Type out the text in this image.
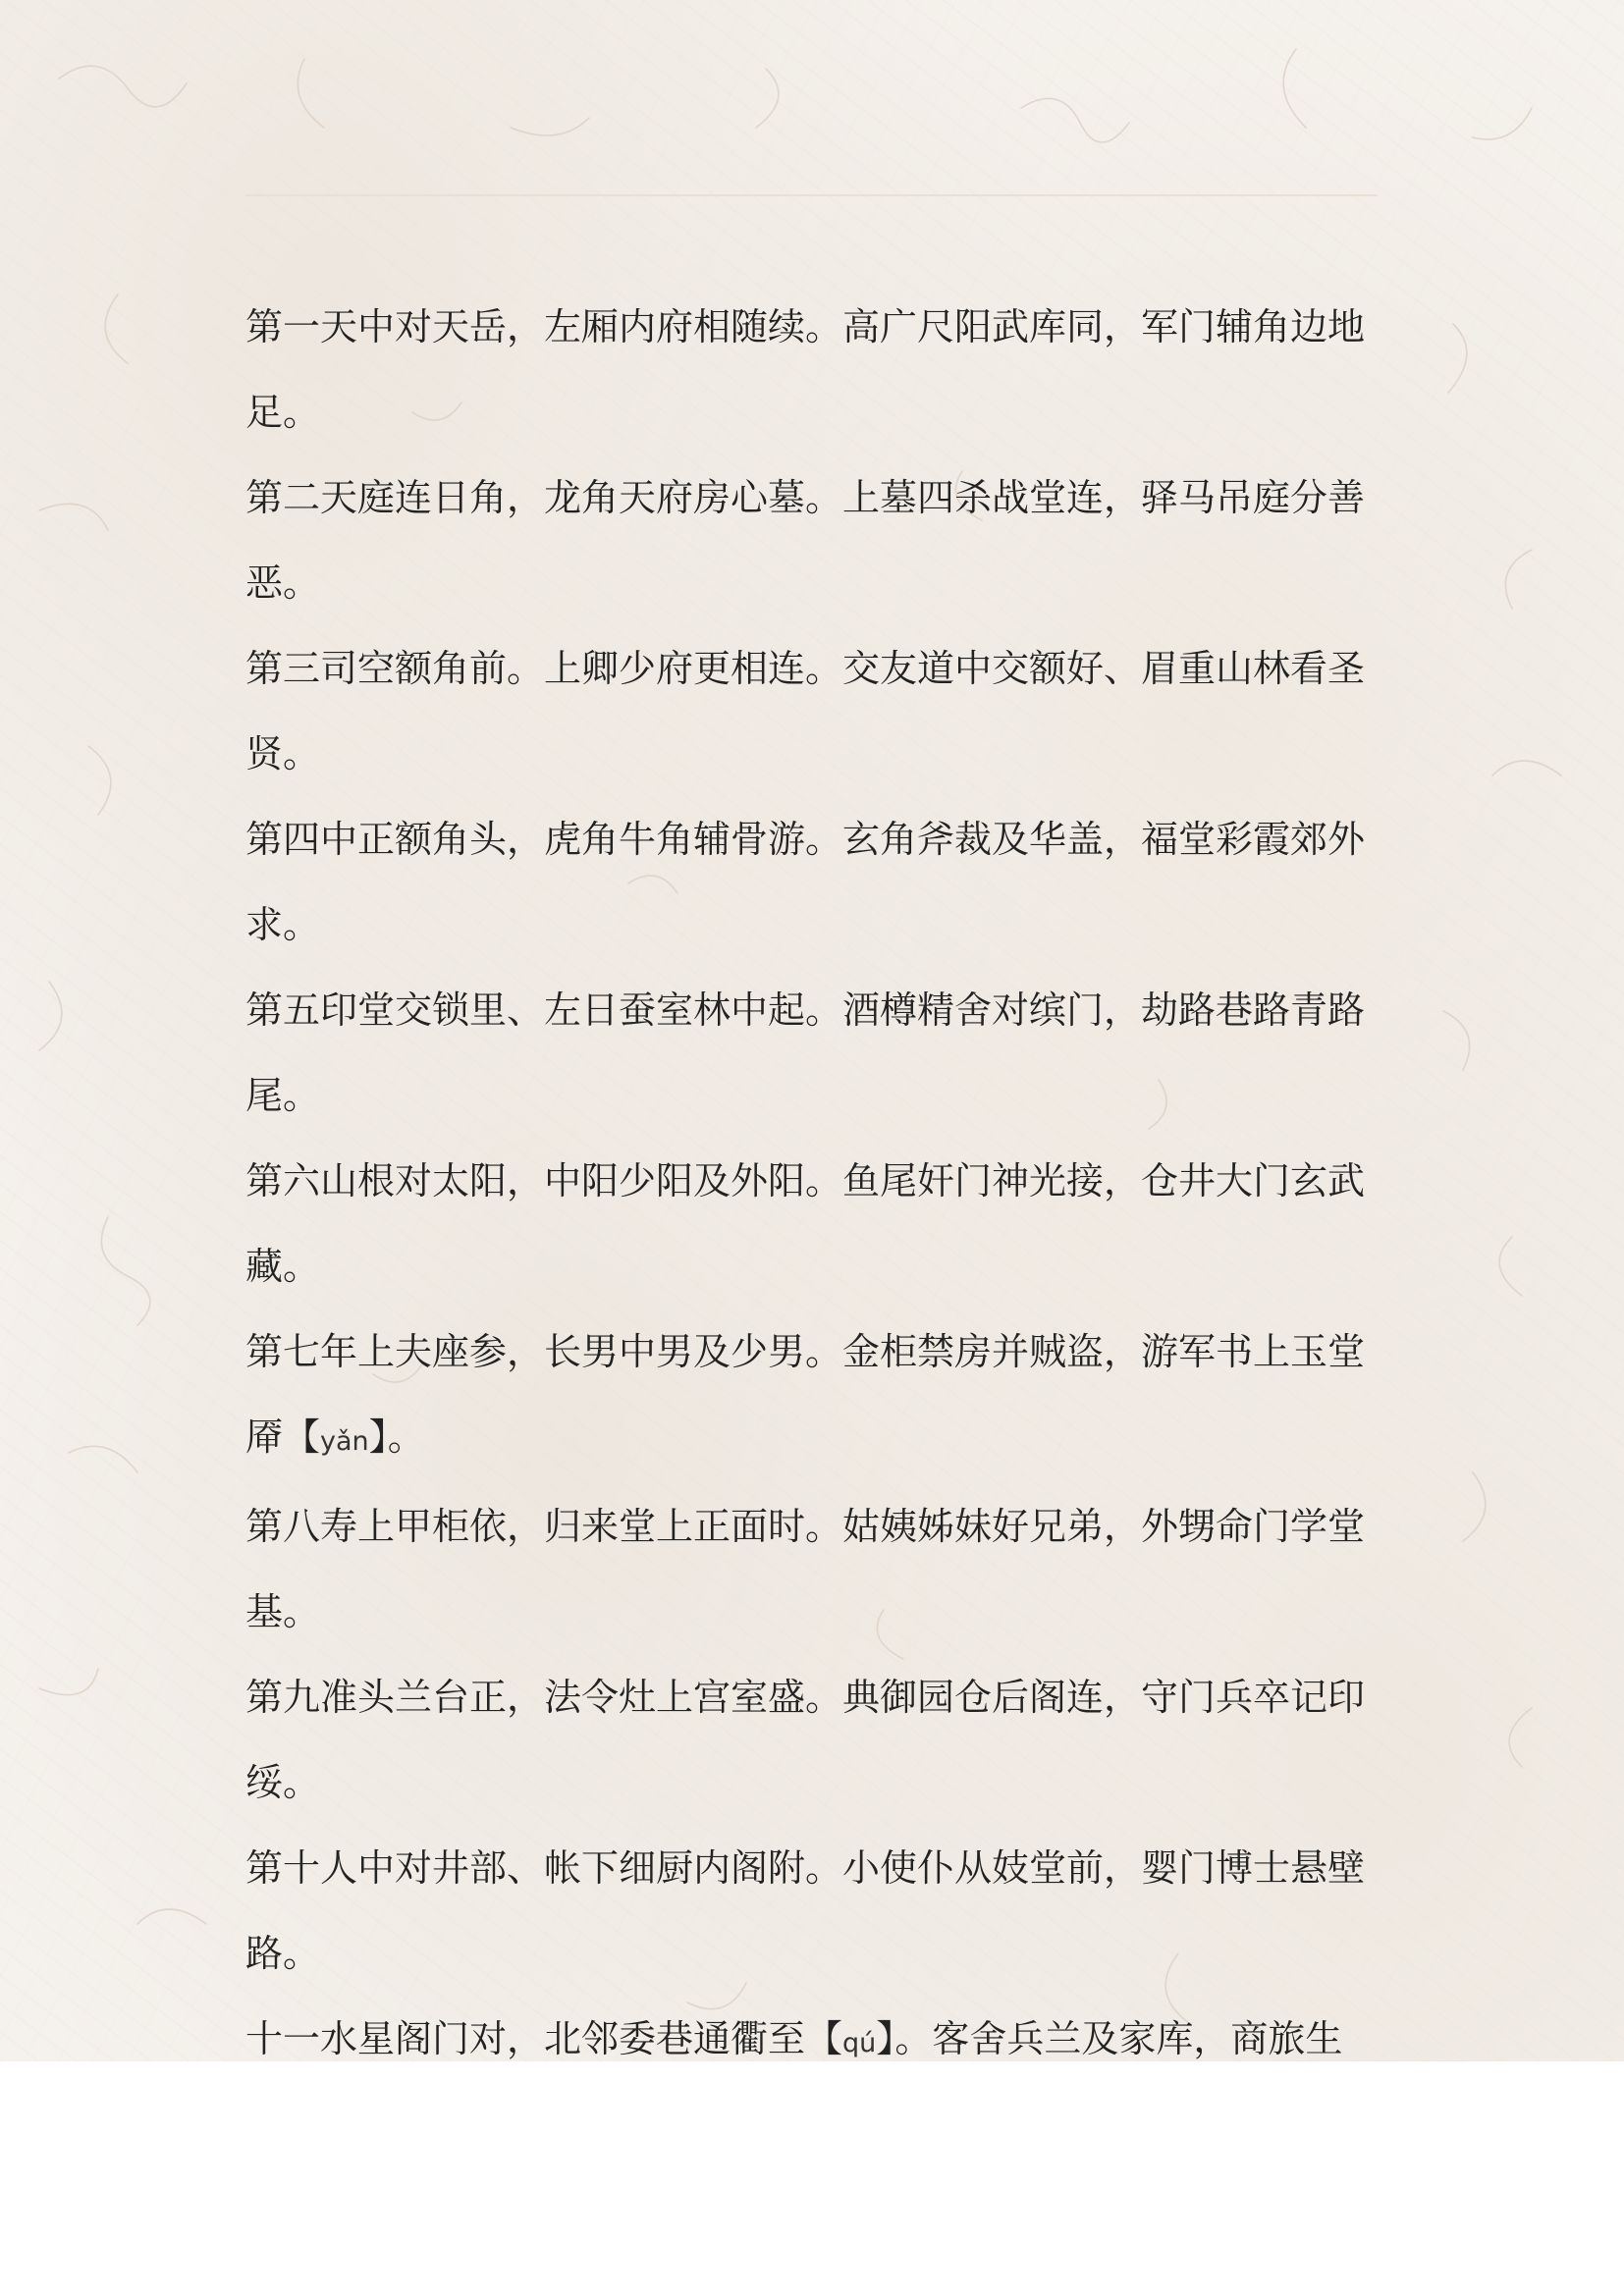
第一天中对天岳，左厢内府相随续。高广尺阳武库同，军门辅角边地
足。

第二天庭连日角，龙角天府房心墓。上墓四杀战堂连，驿马吊庭分善
恶。

第三司空额角前。上卿少府更相连。交友道中交额好、眉重山林看圣
贤。

第四中正额角头，虎角牛角辅骨游。玄角斧裁及华盖，福堂彩霞郊外
求。

第五印堂交锁里、左日蚕室林中起。酒樽精舍对缤门，劫路巷路青路
尾。

第六山根对太阳，中阳少阳及外阳。鱼尾奸门神光接，仓井大门玄武
藏。

第七年上夫座参，长男中男及少男。金柜禁房并贼盗，游军书上玉堂
厣【yǎn】。

第八寿上甲柜依，归来堂上正面时。姑姨姊妹好兄弟，外甥命门学堂
基。

第九准头兰台正，法令灶上宫室盛。典御园仓后阁连，守门兵卒记印
绥。

第十人中对井部、帐下细厨内阁附。小使仆从妓堂前，婴门博士悬壁
路。

十一水星阁门对，北邻委巷通衢至【qú】。客舍兵兰及家库，商旅生
